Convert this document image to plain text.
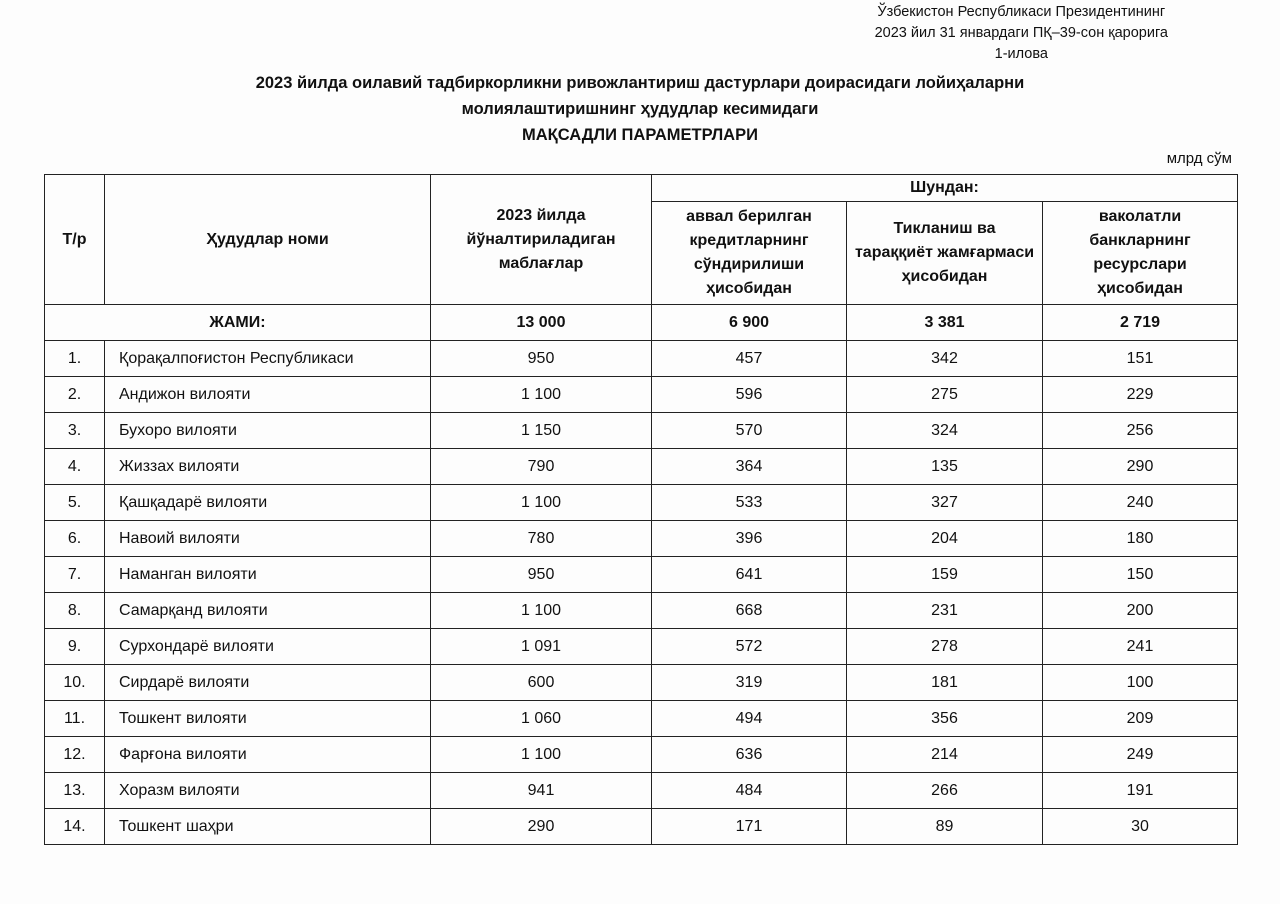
Ўзбекистон Республикаси Президентининг
2023 йил 31 январдаги ПҚ–39-сон қарорига
1-илова
2023 йилда оилавий тадбиркорликни ривожлантириш дастурлари доирасидаги лойиҳаларни
молиялаштиришнинг ҳудудлар кесимидаги
МАҚСАДЛИ ПАРАМЕТРЛАРИ
млрд сўм
Т/р	Ҳудудлар номи	2023 йилда йўналтириладиган маблағлар	Шундан:		
			аввал берилган кредитларнинг сўндирилиши ҳисобидан	Тикланиш ва тараққиёт жамғармаси ҳисобидан	ваколатли банкларнинг ресурслари ҳисобидан
ЖАМИ:		13 000	6 900	3 381	2 719
1.	Қорақалпоғистон Республикаси	950	457	342	151
2.	Андижон вилояти	1 100	596	275	229
3.	Бухоро вилояти	1 150	570	324	256
4.	Жиззах вилояти	790	364	135	290
5.	Қашқадарё вилояти	1 100	533	327	240
6.	Навоий вилояти	780	396	204	180
7.	Наманган вилояти	950	641	159	150
8.	Самарқанд вилояти	1 100	668	231	200
9.	Сурхондарё вилояти	1 091	572	278	241
10.	Сирдарё вилояти	600	319	181	100
11.	Тошкент вилояти	1 060	494	356	209
12.	Фарғона вилояти	1 100	636	214	249
13.	Хоразм вилояти	941	484	266	191
14.	Тошкент шаҳри	290	171	89	30
